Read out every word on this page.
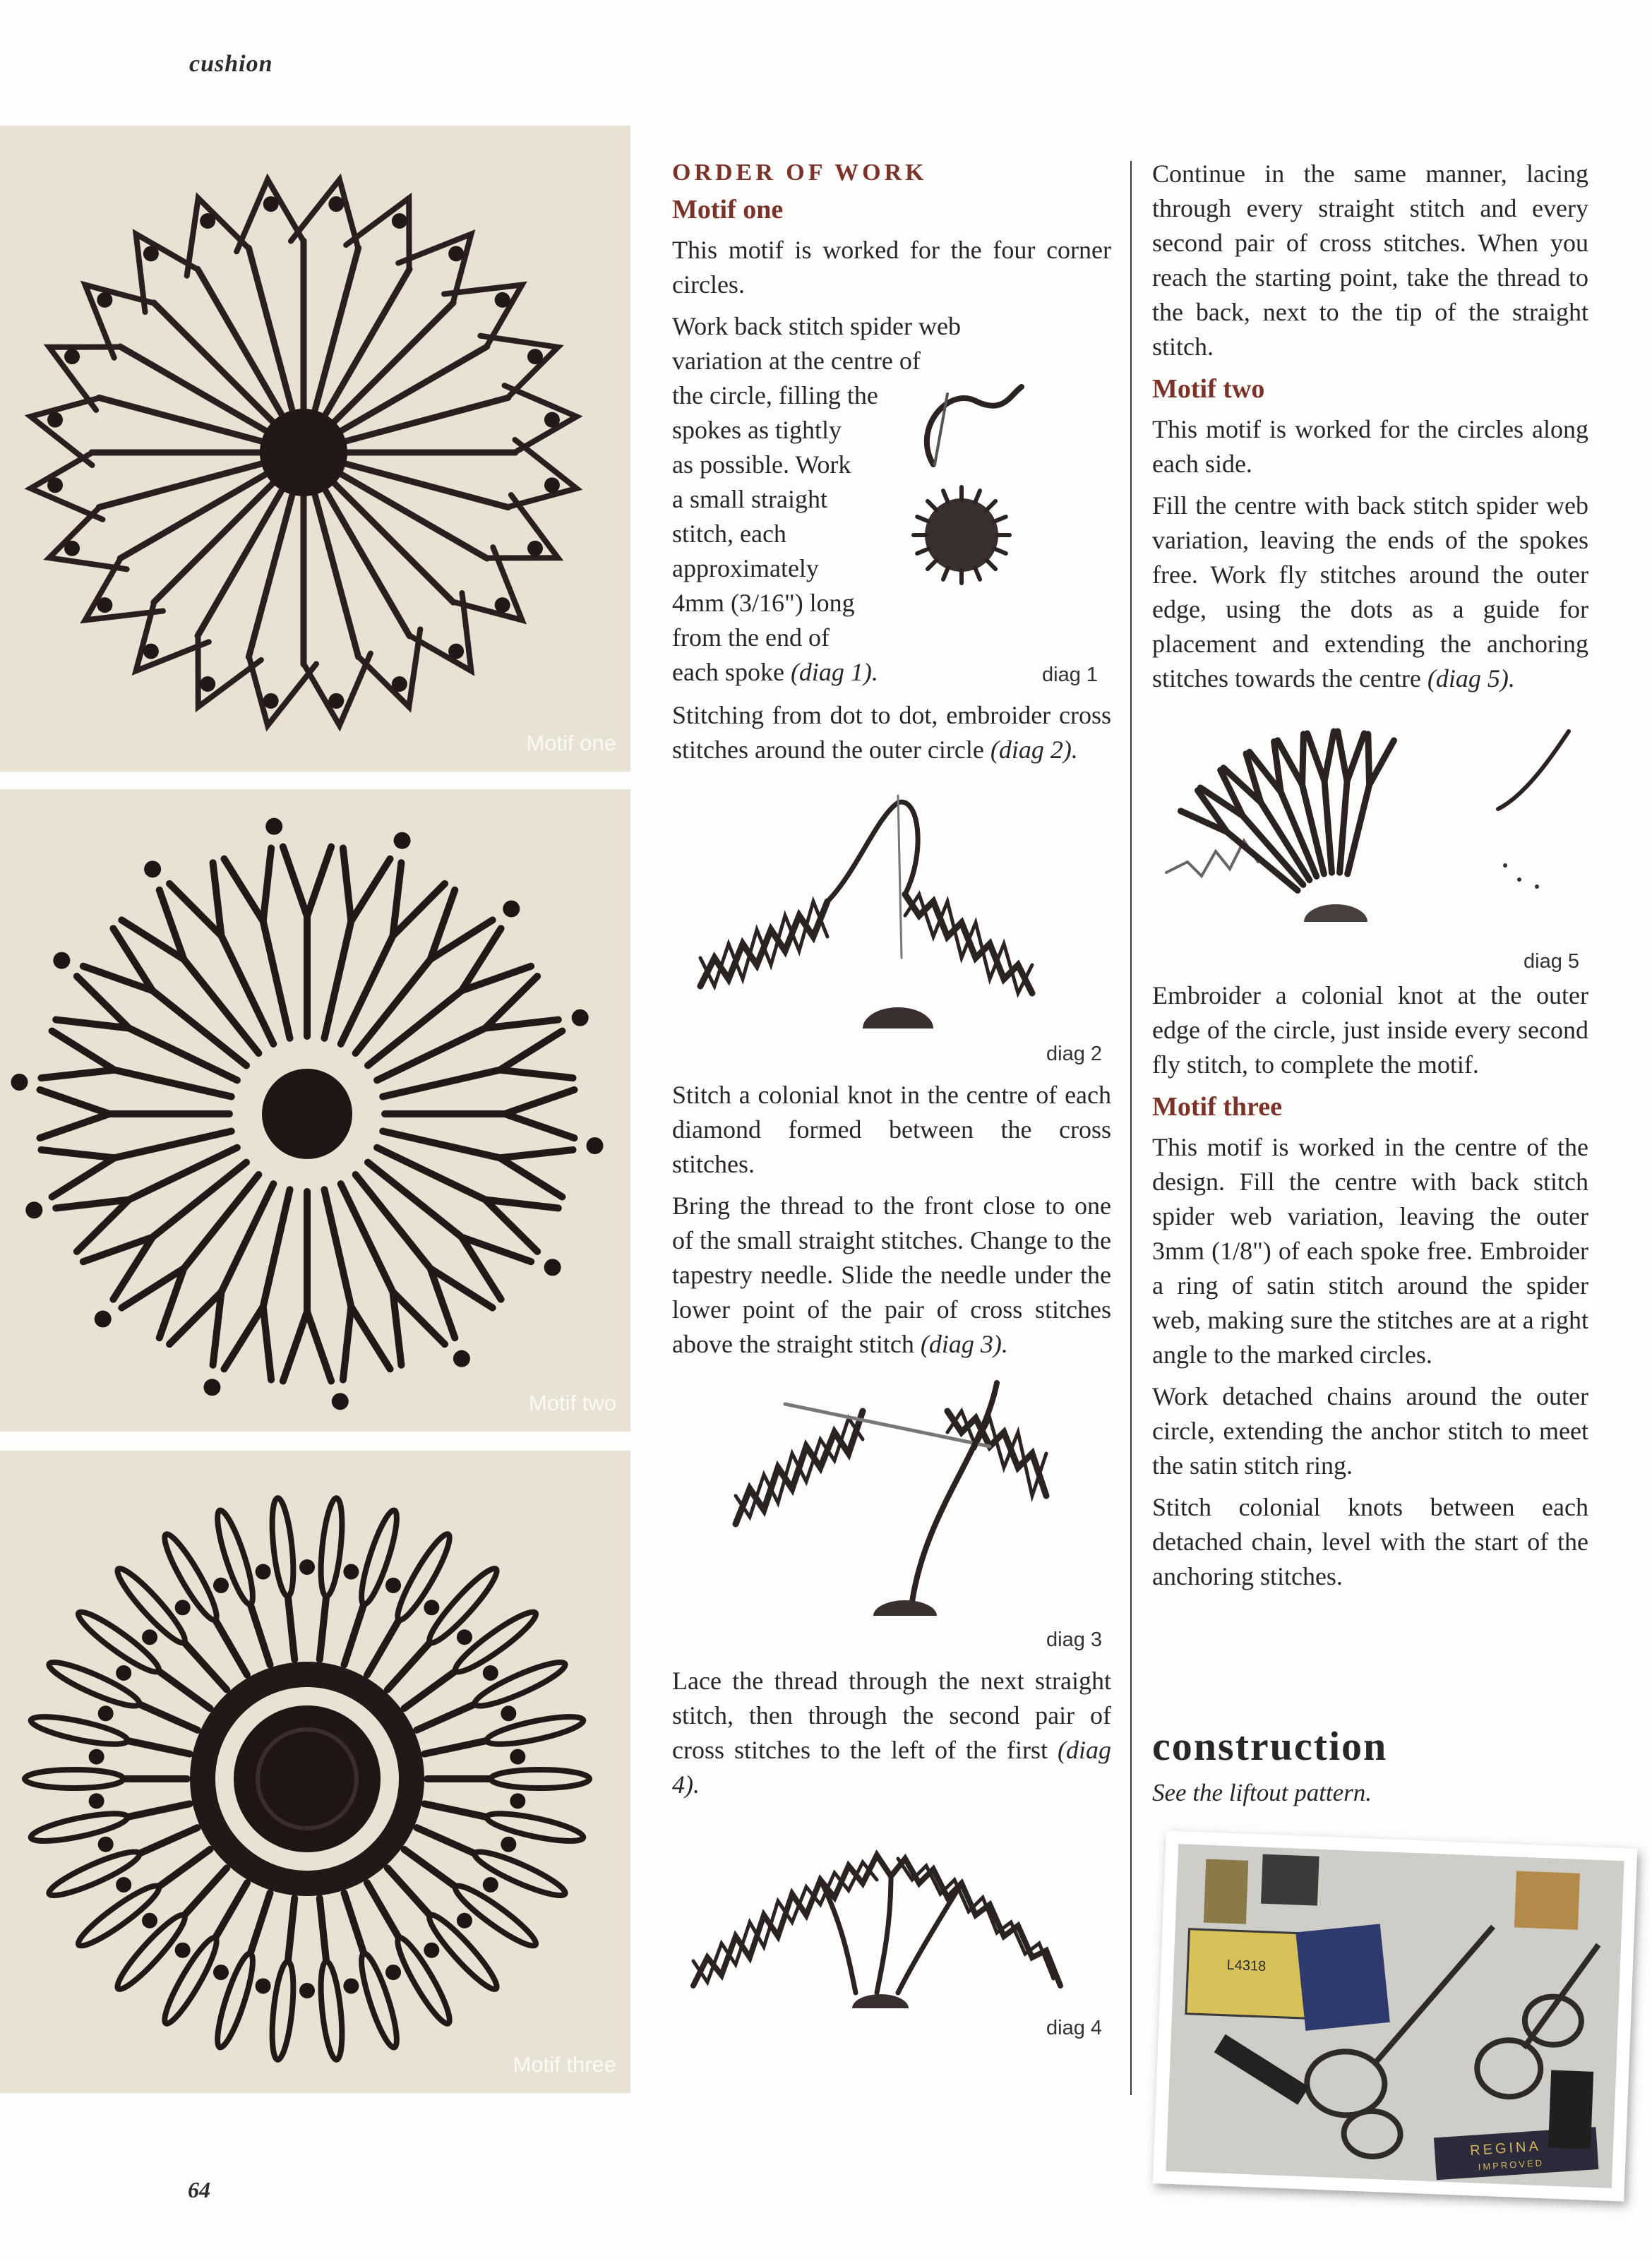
cushion
Motif one
Motif two
Motif three
ORDER OF WORK
Motif one

This motif is worked for the four corner circles.

Work back stitch spider web
variation at the centre of
the circle, filling the
spokes as tightly
as possible. Work
a small straight
stitch, each
approximately
4mm (3/16") long
from the end of
each spoke (diag 1).	diag 1

Stitching from dot to dot, embroider cross stitches around the outer circle (diag 2).

diag 2

Stitch a colonial knot in the centre of each diamond formed between the cross stitches.

Bring the thread to the front close to one of the small straight stitches. Change to the tapestry needle. Slide the needle under the lower point of the pair of cross stitches above the straight stitch (diag 3).

diag 3

Lace the thread through the next straight stitch, then through the second pair of cross stitches to the left of the first (diag 4).

diag 4

Continue in the same manner, lacing through every straight stitch and every second pair of cross stitches. When you reach the starting point, take the thread to the back, next to the tip of the straight stitch.

Motif two

This motif is worked for the circles along each side.

Fill the centre with back stitch spider web variation, leaving the ends of the spokes free. Work fly stitches around the outer edge, using the dots as a guide for placement and extending the anchoring stitches towards the centre (diag 5).

diag 5

Embroider a colonial knot at the outer edge of the circle, just inside every second fly stitch, to complete the motif.

Motif three

This motif is worked in the centre of the design. Fill the centre with back stitch spider web variation, leaving the outer 3mm (1/8") of each spoke free. Embroider a ring of satin stitch around the spider web, making sure the stitches are at a right angle to the marked circles.

Work detached chains around the outer circle, extending the anchor stitch to meet the satin stitch ring.

Stitch colonial knots between each detached chain, level with the start of the anchoring stitches.

construction
See the liftout pattern.
L4318
REGINA
IMPROVED
64
